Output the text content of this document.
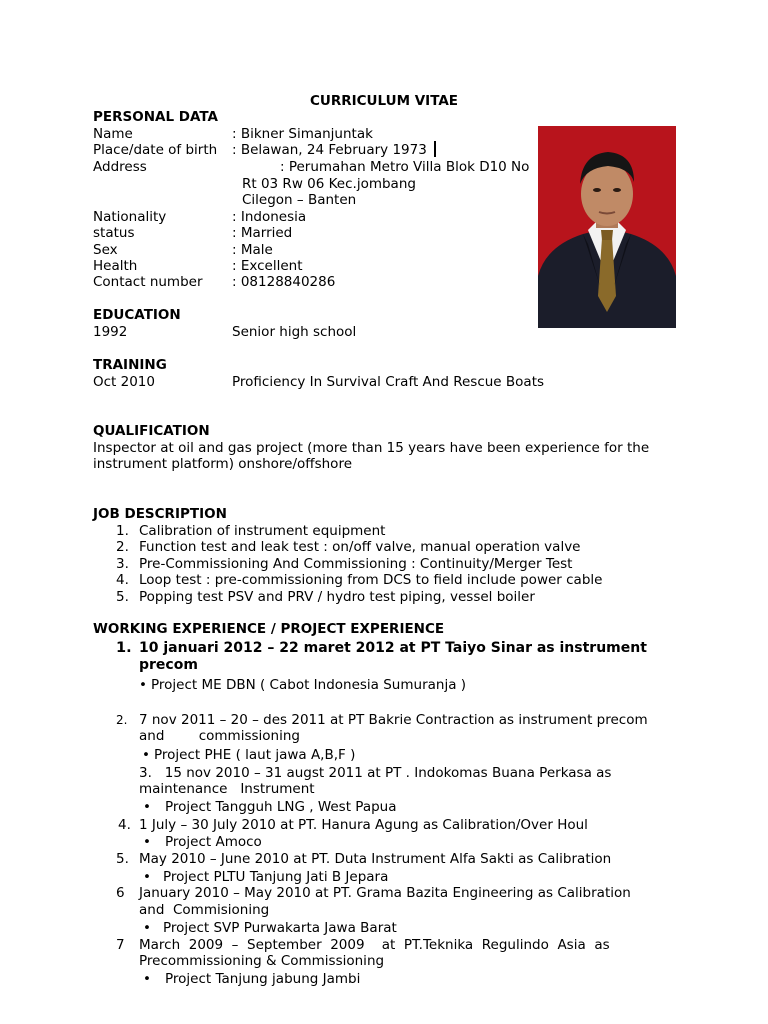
CURRICULUM VITAE
PERSONAL DATA
Name	: Bikner Simanjuntak
Place/date of birth : Belawan, 24 February 1973
Address	: Perumahan Metro Villa Blok D10 No
Rt 03 Rw 06 Kec.jombang
Cilegon – Banten
Nationality	: Indonesia
status	: Married
Sex	: Male
Health	: Excellent
Contact number : 08128840286
EDUCATION
1992	Senior high school
TRAINING
Oct 2010	Proficiency In Survival Craft And Rescue Boats
QUALIFICATION
Inspector at oil and gas project (more than 15 years have been experience for the
instrument platform) onshore/offshore
JOB DESCRIPTION
1. Calibration of instrument equipment
2. Function test and leak test : on/off valve, manual operation valve
3. Pre-Commissioning And Commissioning : Continuity/Merger Test
4. Loop test : pre-commissioning from DCS to field include power cable
5. Popping test PSV and PRV / hydro test piping, vessel boiler
WORKING EXPERIENCE / PROJECT EXPERIENCE
1. 10 januari 2012 – 22 maret 2012 at PT Taiyo Sinar as instrument
precom
• Project ME DBN ( Cabot Indonesia Sumuranja )
2. 7 nov 2011 – 20 – des 2011 at PT Bakrie Contraction as instrument precom
and        commissioning
• Project PHE ( laut jawa A,B,F )
3.   15 nov 2010 – 31 augst 2011 at PT . Indokomas Buana Perkasa as
maintenance   Instrument
• Project Tangguh LNG , West Papua
4. 1 July – 30 July 2010 at PT. Hanura Agung as Calibration/Over Houl
• Project Amoco
5. May 2010 – June 2010 at PT. Duta Instrument Alfa Sakti as Calibration
• Project PLTU Tanjung Jati B Jepara
6 January 2010 – May 2010 at PT. Grama Bazita Engineering as Calibration
and  Commisioning
• Project SVP Purwakarta Jawa Barat
7 March  2009  –  September  2009    at  PT.Teknika  Regulindo  Asia  as
Precommissioning & Commissioning
• Project Tanjung jabung Jambi
